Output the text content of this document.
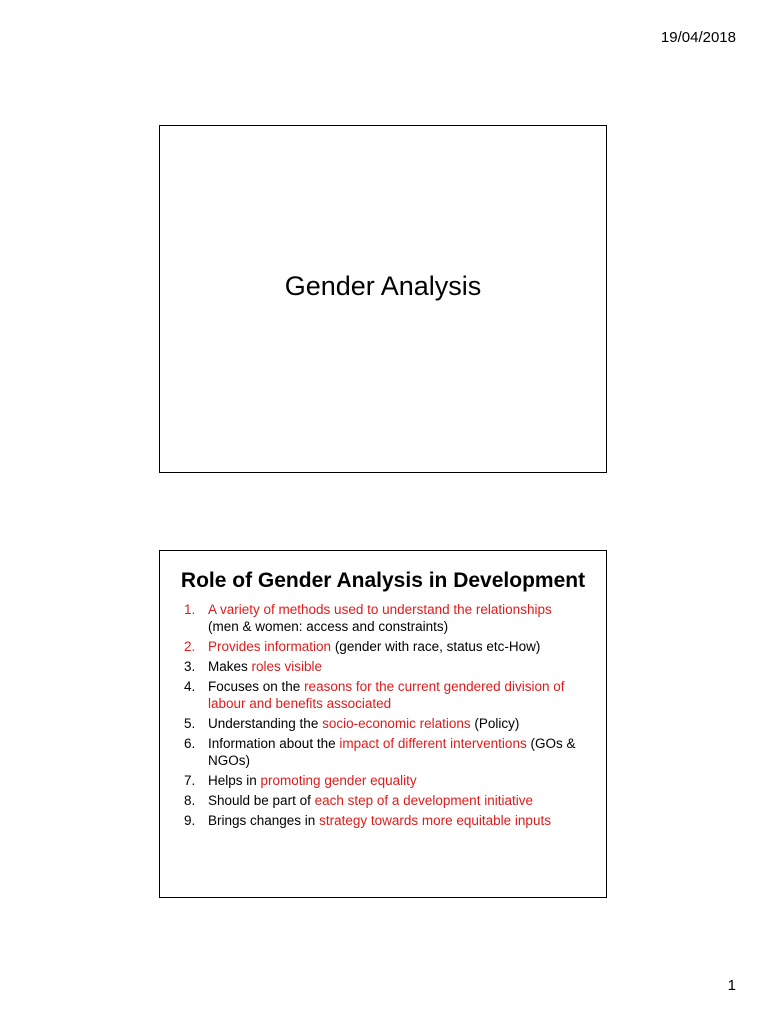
19/04/2018
Gender Analysis
Role of Gender Analysis in Development
1. A variety of methods used to understand the relationships (men & women: access and constraints)
2. Provides information (gender with race, status etc-How)
3. Makes roles visible
4. Focuses on the reasons for the current gendered division of labour and benefits associated
5. Understanding the socio-economic relations (Policy)
6. Information about the impact of different interventions (GOs & NGOs)
7. Helps in promoting gender equality
8. Should be part of each step of a development initiative
9. Brings changes in strategy towards more equitable inputs
1
